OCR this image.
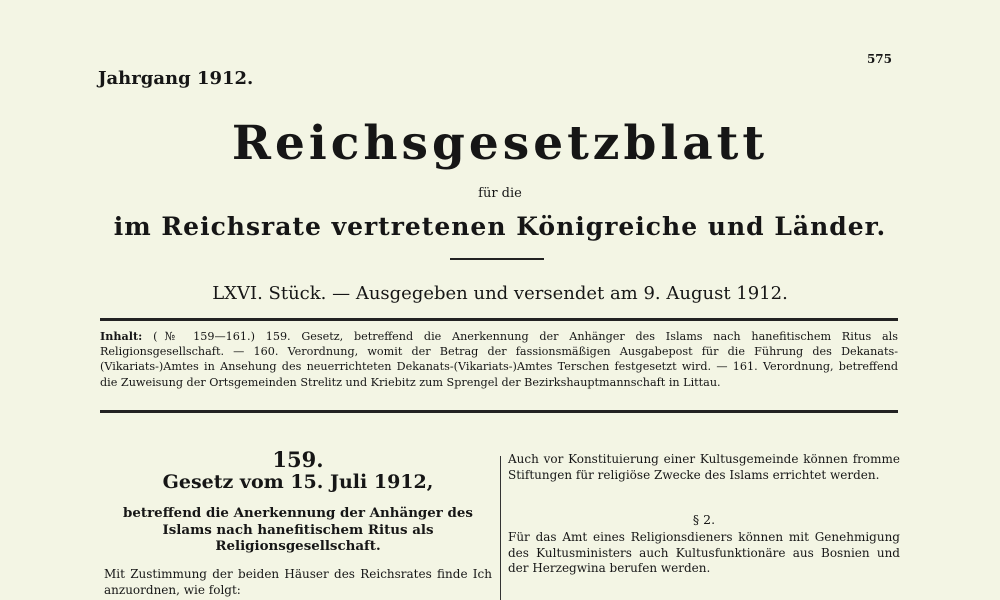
Jahrgang 1912.
575
Reichsgesetzblatt
für die
im Reichsrate vertretenen Königreiche und Länder.
LXVI. Stück. — Ausgegeben und versendet am 9. August 1912.
Inhalt: (№ 159—161.) 159. Gesetz, betreffend die Anerkennung der Anhänger des Islams nach hanefitischem Ritus als Religionsgesellschaft. — 160. Verordnung, womit der Betrag der fassionsmäßigen Ausgabepost für die Führung des Dekanats-(Vikariats-)Amtes in Ansehung des neuerrichteten Dekanats-(Vikariats-)Amtes Terschen festgesetzt wird. — 161. Verordnung, betreffend die Zuweisung der Ortsgemeinden Strelitz und Kriebitz zum Sprengel der Bezirkshauptmannschaft in Littau.
159.
Gesetz vom 15. Juli 1912,
betreffend die Anerkennung der Anhänger des Islams nach hanefitischem Ritus als Religionsgesellschaft.
Mit Zustimmung der beiden Häuser des Reichsrates finde Ich anzuordnen, wie folgt:
Auch vor Konstituierung einer Kultusgemeinde können fromme Stiftungen für religiöse Zwecke des Islams errichtet werden.
§ 2.
Für das Amt eines Religionsdieners können mit Genehmigung des Kultusministers auch Kultusfunktionäre aus Bosnien und der Herzegwina berufen werden.
